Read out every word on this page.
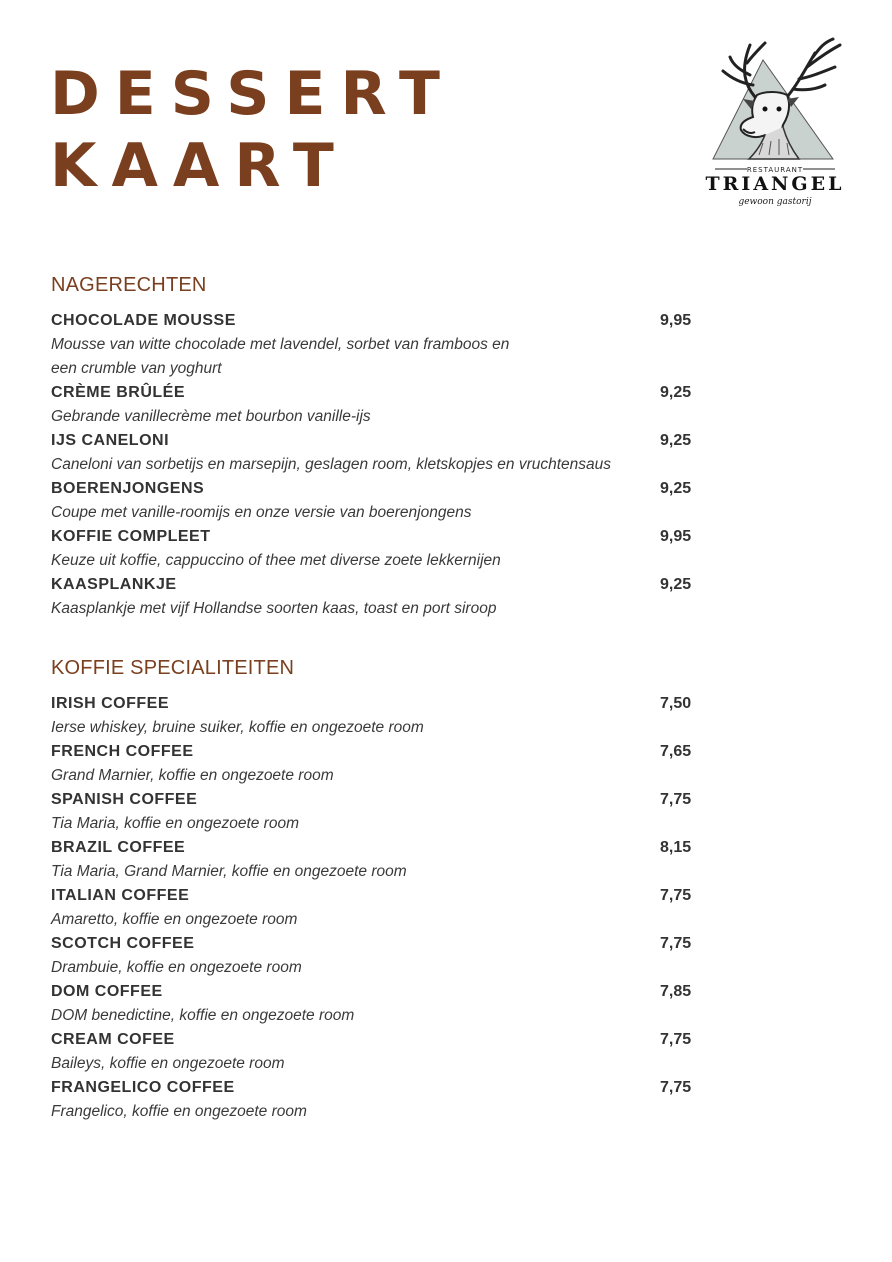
DESSERT
KAART	RESTAURANT
TRIANGEL
gewoon gastorij
NAGERECHTEN
CHOCOLADE MOUSSE	9,95
Mousse van witte chocolade met lavendel, sorbet van framboos en een crumble van yoghurt
CRÈME BRÛLÉE	9,25
Gebrande vanillecrème met bourbon vanille-ijs
IJS CANELONI	9,25
Caneloni van sorbetijs en marsepijn, geslagen room, kletskopjes en vruchtensaus
BOERENJONGENS	9,25
Coupe met vanille-roomijs en onze versie van boerenjongens
KOFFIE COMPLEET	9,95
Keuze uit koffie, cappuccino of thee met diverse zoete lekkernijen
KAASPLANKJE	9,25
Kaasplankje met vijf Hollandse soorten kaas, toast en port siroop
KOFFIE SPECIALITEITEN
IRISH COFFEE	7,50
Ierse whiskey, bruine suiker, koffie en ongezoete room
FRENCH COFFEE	7,65
Grand Marnier, koffie en ongezoete room
SPANISH COFFEE	7,75
Tia Maria, koffie en ongezoete room
BRAZIL COFFEE	8,15
Tia Maria, Grand Marnier, koffie en ongezoete room
ITALIAN COFFEE	7,75
Amaretto, koffie en ongezoete room
SCOTCH COFFEE	7,75
Drambuie, koffie en ongezoete room
DOM COFFEE	7,85
DOM benedictine, koffie en ongezoete room
CREAM COFEE	7,75
Baileys, koffie en ongezoete room
FRANGELICO COFFEE	7,75
Frangelico, koffie en ongezoete room
